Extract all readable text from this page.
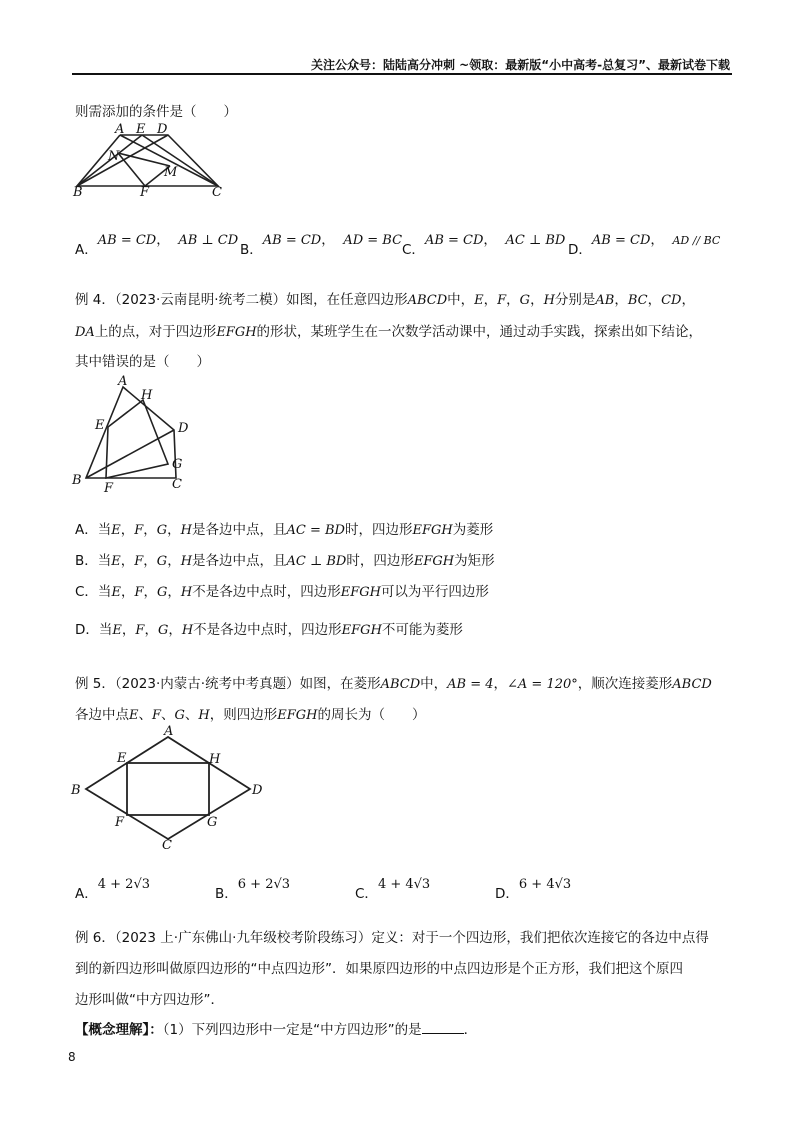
关注公众号：陆陆高分冲刺 ~领取：最新版“小中高考-总复习”、最新试卷下载
则需添加的条件是（　　）
A E D
N
M
B	F	C
A．AB = CD， AB ⊥ CD
B．AB = CD， AD = BC
C．AB = CD， AC ⊥ BD
D．AB = CD， AD // BC
例 4．（2023·云南昆明·统考二模）如图，在任意四边形ABCD中，E，F，G，H分别是AB，BC，CD，
DA上的点，对于四边形EFGH的形状，某班学生在一次数学活动课中，通过动手实践，探索出如下结论，
其中错误的是（　　）
A
H
E	D
G
B
F	C
A．当E，F，G，H是各边中点，且AC = BD时，四边形EFGH为菱形
B．当E，F，G，H是各边中点，且AC ⊥ BD时，四边形EFGH为矩形
C．当E，F，G，H不是各边中点时，四边形EFGH可以为平行四边形
D．当E，F，G，H不是各边中点时，四边形EFGH不可能为菱形
例 5．（2023·内蒙古·统考中考真题）如图，在菱形ABCD中，AB = 4，∠A = 120°，顺次连接菱形ABCD
各边中点E、F、G、H，则四边形EFGH的周长为（　　）
A
E	H
B	D
F	G
C
A．4 + 2√3
B．6 + 2√3
C．4 + 4√3
D．6 + 4√3
例 6．（2023 上·广东佛山·九年级校考阶段练习）定义：对于一个四边形，我们把依次连接它的各边中点得
到的新四边形叫做原四边形的“中点四边形”．如果原四边形的中点四边形是个正方形，我们把这个原四
边形叫做“中方四边形”．
【概念理解】：（1）下列四边形中一定是“中方四边形”的是	．
8
